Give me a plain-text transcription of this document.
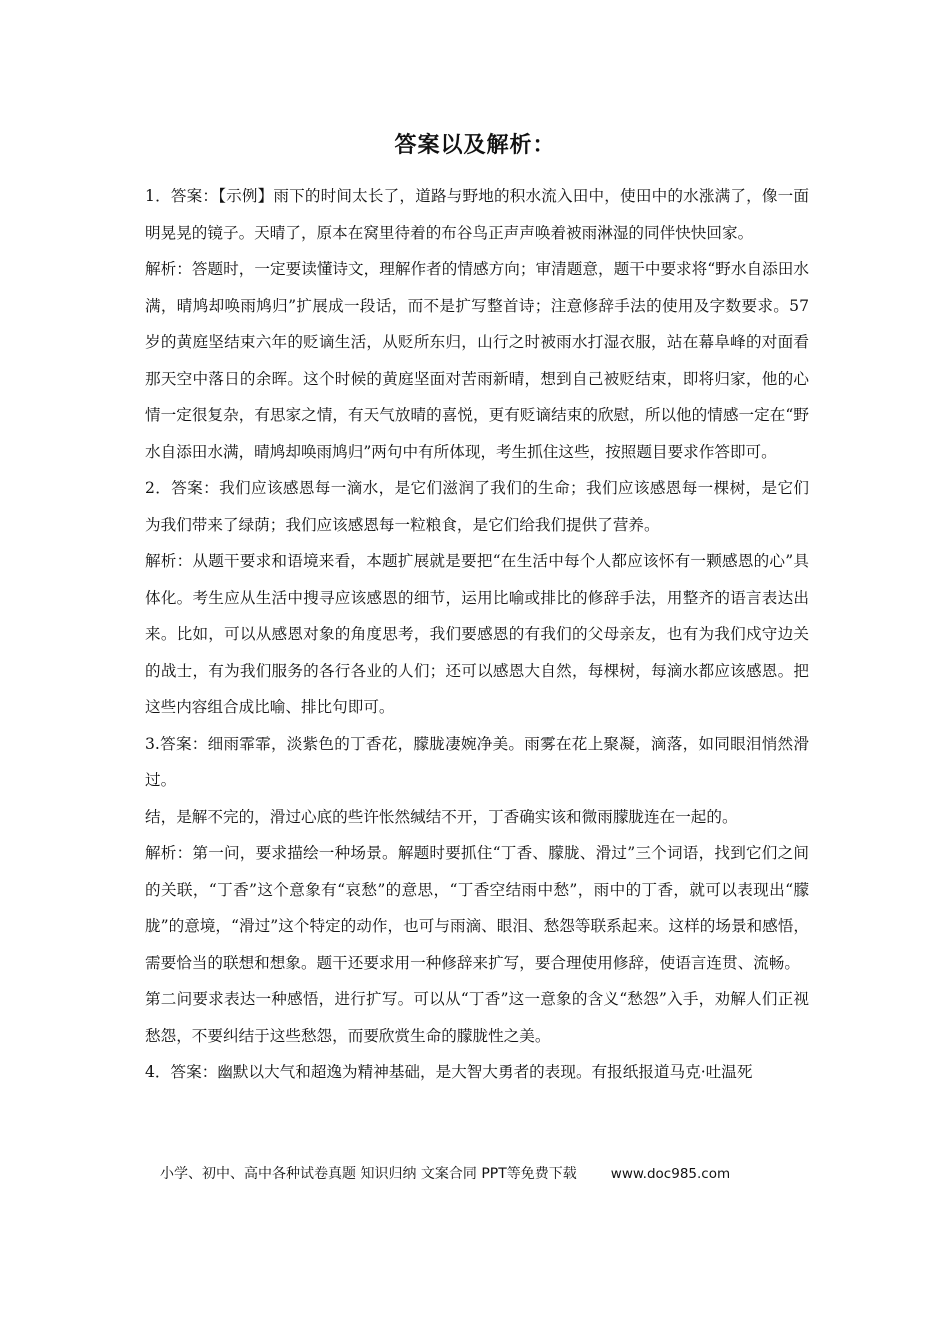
答案以及解析：

1．答案：【示例】雨下的时间太长了，道路与野地的积水流入田中，使田中的水涨满了，像一面明晃晃的镜子。天晴了，原本在窝里待着的布谷鸟正声声唤着被雨淋湿的同伴快快回家。

解析：答题时，一定要读懂诗文，理解作者的情感方向；审清题意，题干中要求将“野水自添田水满，晴鸠却唤雨鸠归”扩展成一段话，而不是扩写整首诗；注意修辞手法的使用及字数要求。57岁的黄庭坚结束六年的贬谪生活，从贬所东归，山行之时被雨水打湿衣服，站在幕阜峰的对面看那天空中落日的余晖。这个时候的黄庭坚面对苦雨新晴，想到自己被贬结束，即将归家，他的心情一定很复杂，有思家之情，有天气放晴的喜悦，更有贬谪结束的欣慰，所以他的情感一定在“野水自添田水满，晴鸠却唤雨鸠归”两句中有所体现，考生抓住这些，按照题目要求作答即可。

2．答案：我们应该感恩每一滴水，是它们滋润了我们的生命；我们应该感恩每一棵树，是它们为我们带来了绿荫；我们应该感恩每一粒粮食，是它们给我们提供了营养。

解析：从题干要求和语境来看，本题扩展就是要把“在生活中每个人都应该怀有一颗感恩的心”具体化。考生应从生活中搜寻应该感恩的细节，运用比喻或排比的修辞手法，用整齐的语言表达出来。比如，可以从感恩对象的角度思考，我们要感恩的有我们的父母亲友，也有为我们戍守边关的战士，有为我们服务的各行各业的人们；还可以感恩大自然，每棵树，每滴水都应该感恩。把这些内容组合成比喻、排比句即可。

3.答案：细雨霏霏，淡紫色的丁香花，朦胧凄婉净美。雨雾在花上聚凝，滴落，如同眼泪悄然滑过。

结，是解不完的，滑过心底的些许怅然缄结不开，丁香确实该和微雨朦胧连在一起的。

解析：第一问，要求描绘一种场景。解题时要抓住“丁香、朦胧、滑过”三个词语，找到它们之间的关联，“丁香”这个意象有“哀愁”的意思，“丁香空结雨中愁”，雨中的丁香，就可以表现出“朦胧”的意境，“滑过”这个特定的动作，也可与雨滴、眼泪、愁怨等联系起来。这样的场景和感悟，需要恰当的联想和想象。题干还要求用一种修辞来扩写，要合理使用修辞，使语言连贯、流畅。

第二问要求表达一种感悟，进行扩写。可以从“丁香”这一意象的含义“愁怨”入手，劝解人们正视愁怨，不要纠结于这些愁怨，而要欣赏生命的朦胧性之美。

4．答案：幽默以大气和超逸为精神基础，是大智大勇者的表现。有报纸报道马克·吐温死

小学、初中、高中各种试卷真题 知识归纳 文案合同 PPT等免费下载	www.doc985.com
